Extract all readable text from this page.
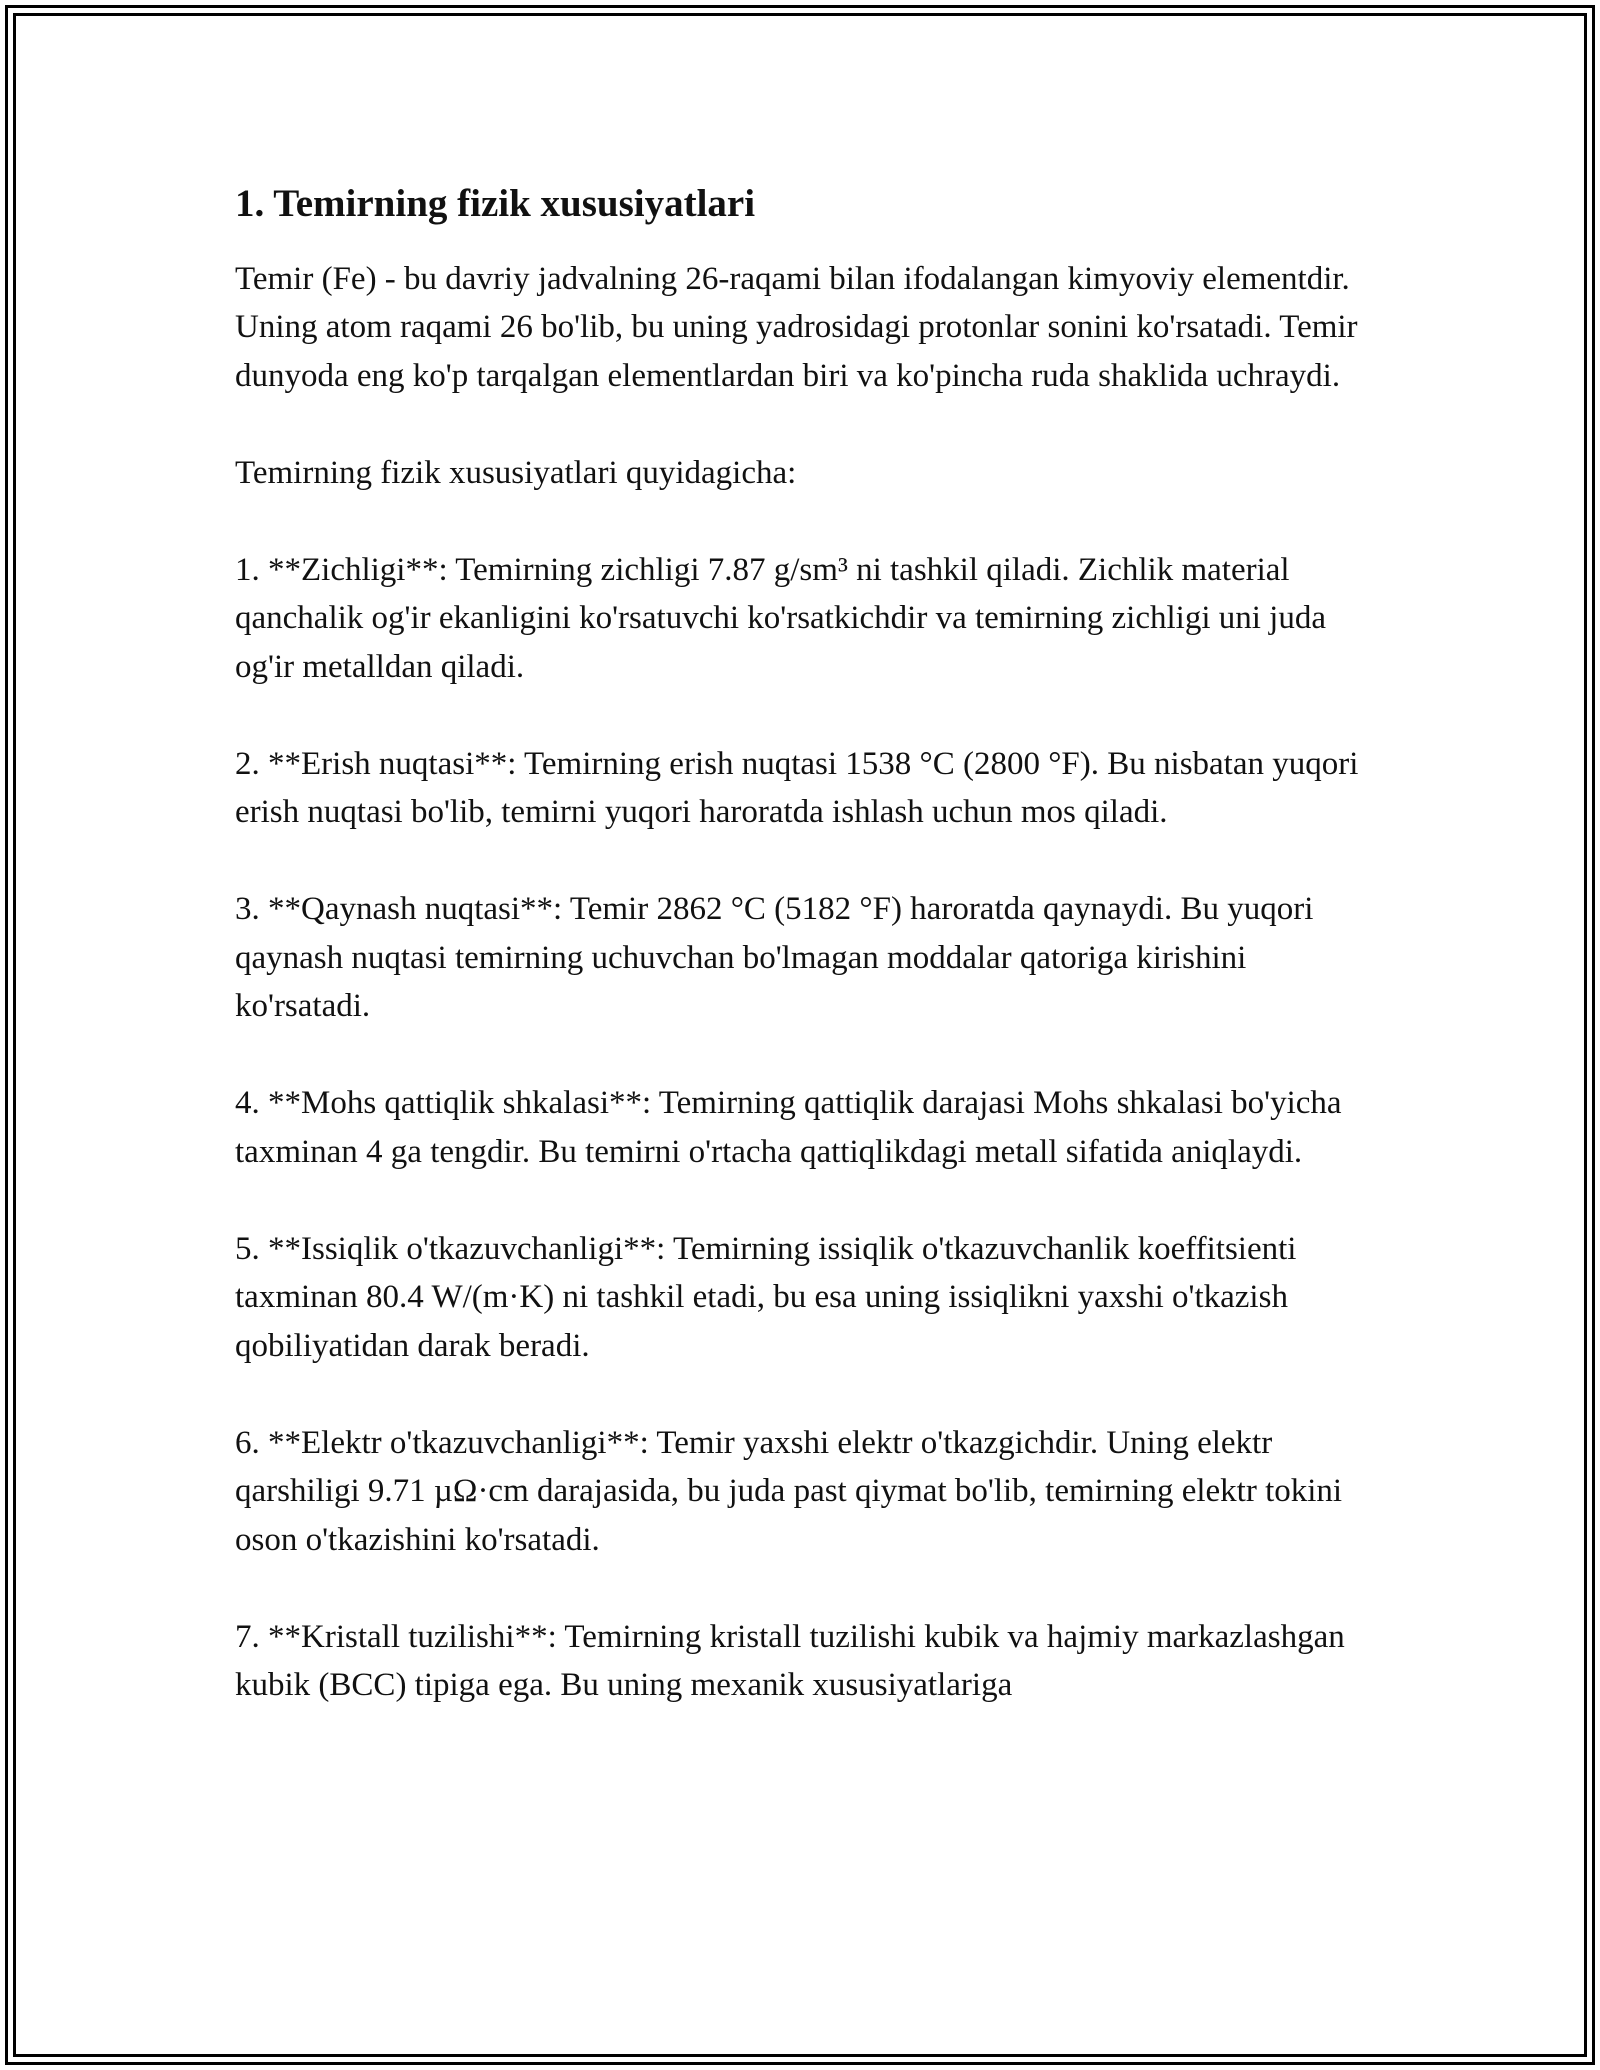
1. Temirning fizik xususiyatlari

Temir (Fe) - bu davriy jadvalning 26-raqami bilan ifodalangan kimyoviy elementdir. Uning atom raqami 26 bo'lib, bu uning yadrosidagi protonlar sonini ko'rsatadi. Temir dunyoda eng ko'p tarqalgan elementlardan biri va ko'pincha ruda shaklida uchraydi.

Temirning fizik xususiyatlari quyidagicha:

1. **Zichligi**: Temirning zichligi 7.87 g/sm³ ni tashkil qiladi. Zichlik material qanchalik og'ir ekanligini ko'rsatuvchi ko'rsatkichdir va temirning zichligi uni juda og'ir metalldan qiladi.

2. **Erish nuqtasi**: Temirning erish nuqtasi 1538 °C (2800 °F). Bu nisbatan yuqori erish nuqtasi bo'lib, temirni yuqori haroratda ishlash uchun mos qiladi.

3. **Qaynash nuqtasi**: Temir 2862 °C (5182 °F) haroratda qaynaydi. Bu yuqori qaynash nuqtasi temirning uchuvchan bo'lmagan moddalar qatoriga kirishini ko'rsatadi.

4. **Mohs qattiqlik shkalasi**: Temirning qattiqlik darajasi Mohs shkalasi bo'yicha taxminan 4 ga tengdir. Bu temirni o'rtacha qattiqlikdagi metall sifatida aniqlaydi.

5. **Issiqlik o'tkazuvchanligi**: Temirning issiqlik o'tkazuvchanlik koeffitsienti taxminan 80.4 W/(m·K) ni tashkil etadi, bu esa uning issiqlikni yaxshi o'tkazish qobiliyatidan darak beradi.

6. **Elektr o'tkazuvchanligi**: Temir yaxshi elektr o'tkazgichdir. Uning elektr qarshiligi 9.71 µΩ·cm darajasida, bu juda past qiymat bo'lib, temirning elektr tokini oson o'tkazishini ko'rsatadi.

7. **Kristall tuzilishi**: Temirning kristall tuzilishi kubik va hajmiy markazlashgan kubik (BCC) tipiga ega. Bu uning mexanik xususiyatlariga
